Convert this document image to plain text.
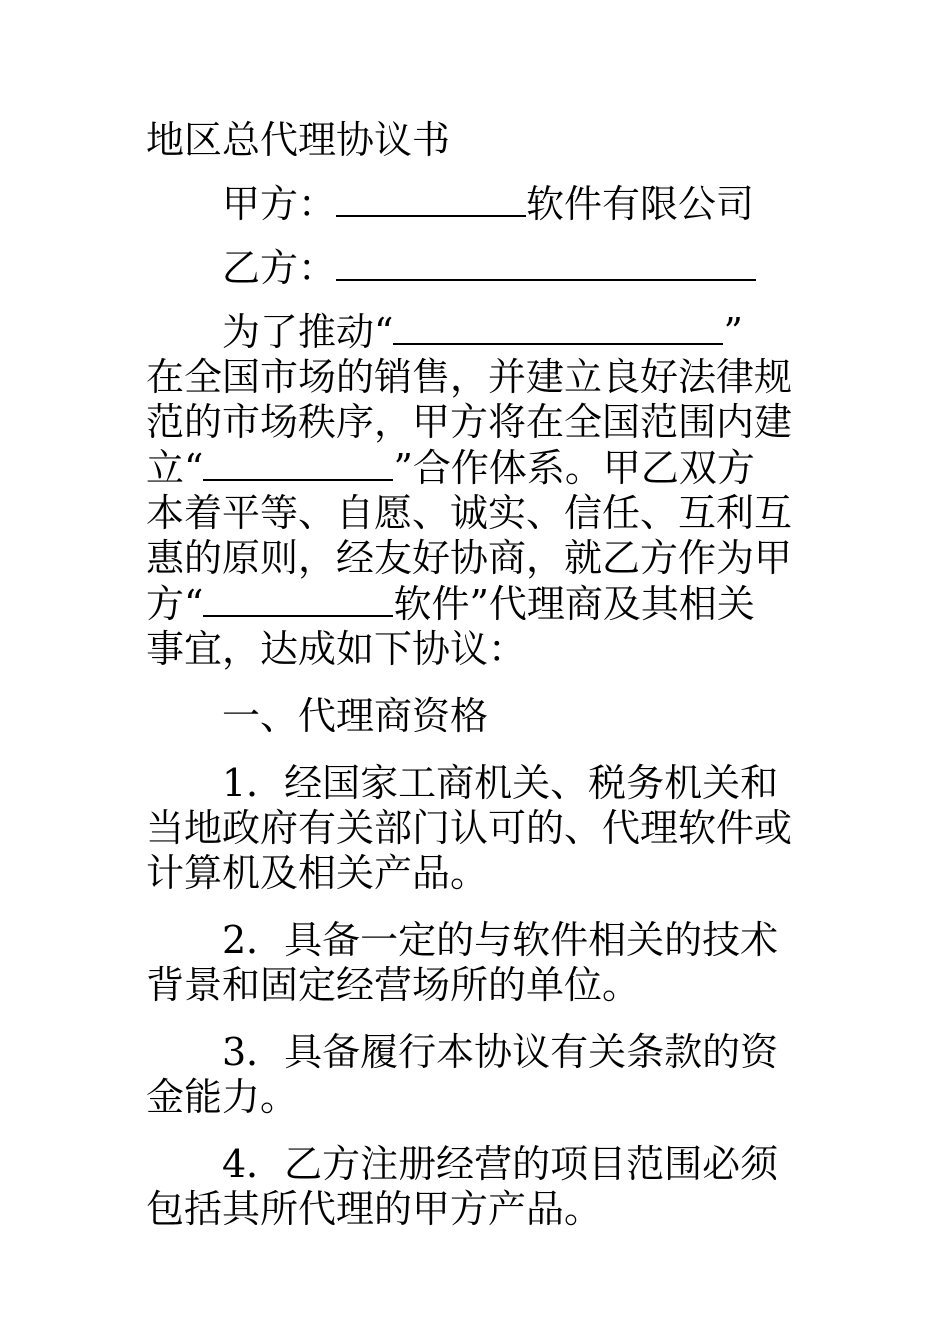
地区总代理协议书
甲方：	软件有限公司
乙方：
为了推动“	”
在全国市场的销售，并建立良好法律规
范的市场秩序，甲方将在全国范围内建
立“	”合作体系。甲乙双方
本着平等、自愿、诚实、信任、互利互
惠的原则，经友好协商，就乙方作为甲
方“	软件”代理商及其相关
事宜，达成如下协议：
一、代理商资格
1．经国家工商机关、税务机关和
当地政府有关部门认可的、代理软件或
计算机及相关产品。
2．具备一定的与软件相关的技术
背景和固定经营场所的单位。
3．具备履行本协议有关条款的资
金能力。
4．乙方注册经营的项目范围必须
包括其所代理的甲方产品。
